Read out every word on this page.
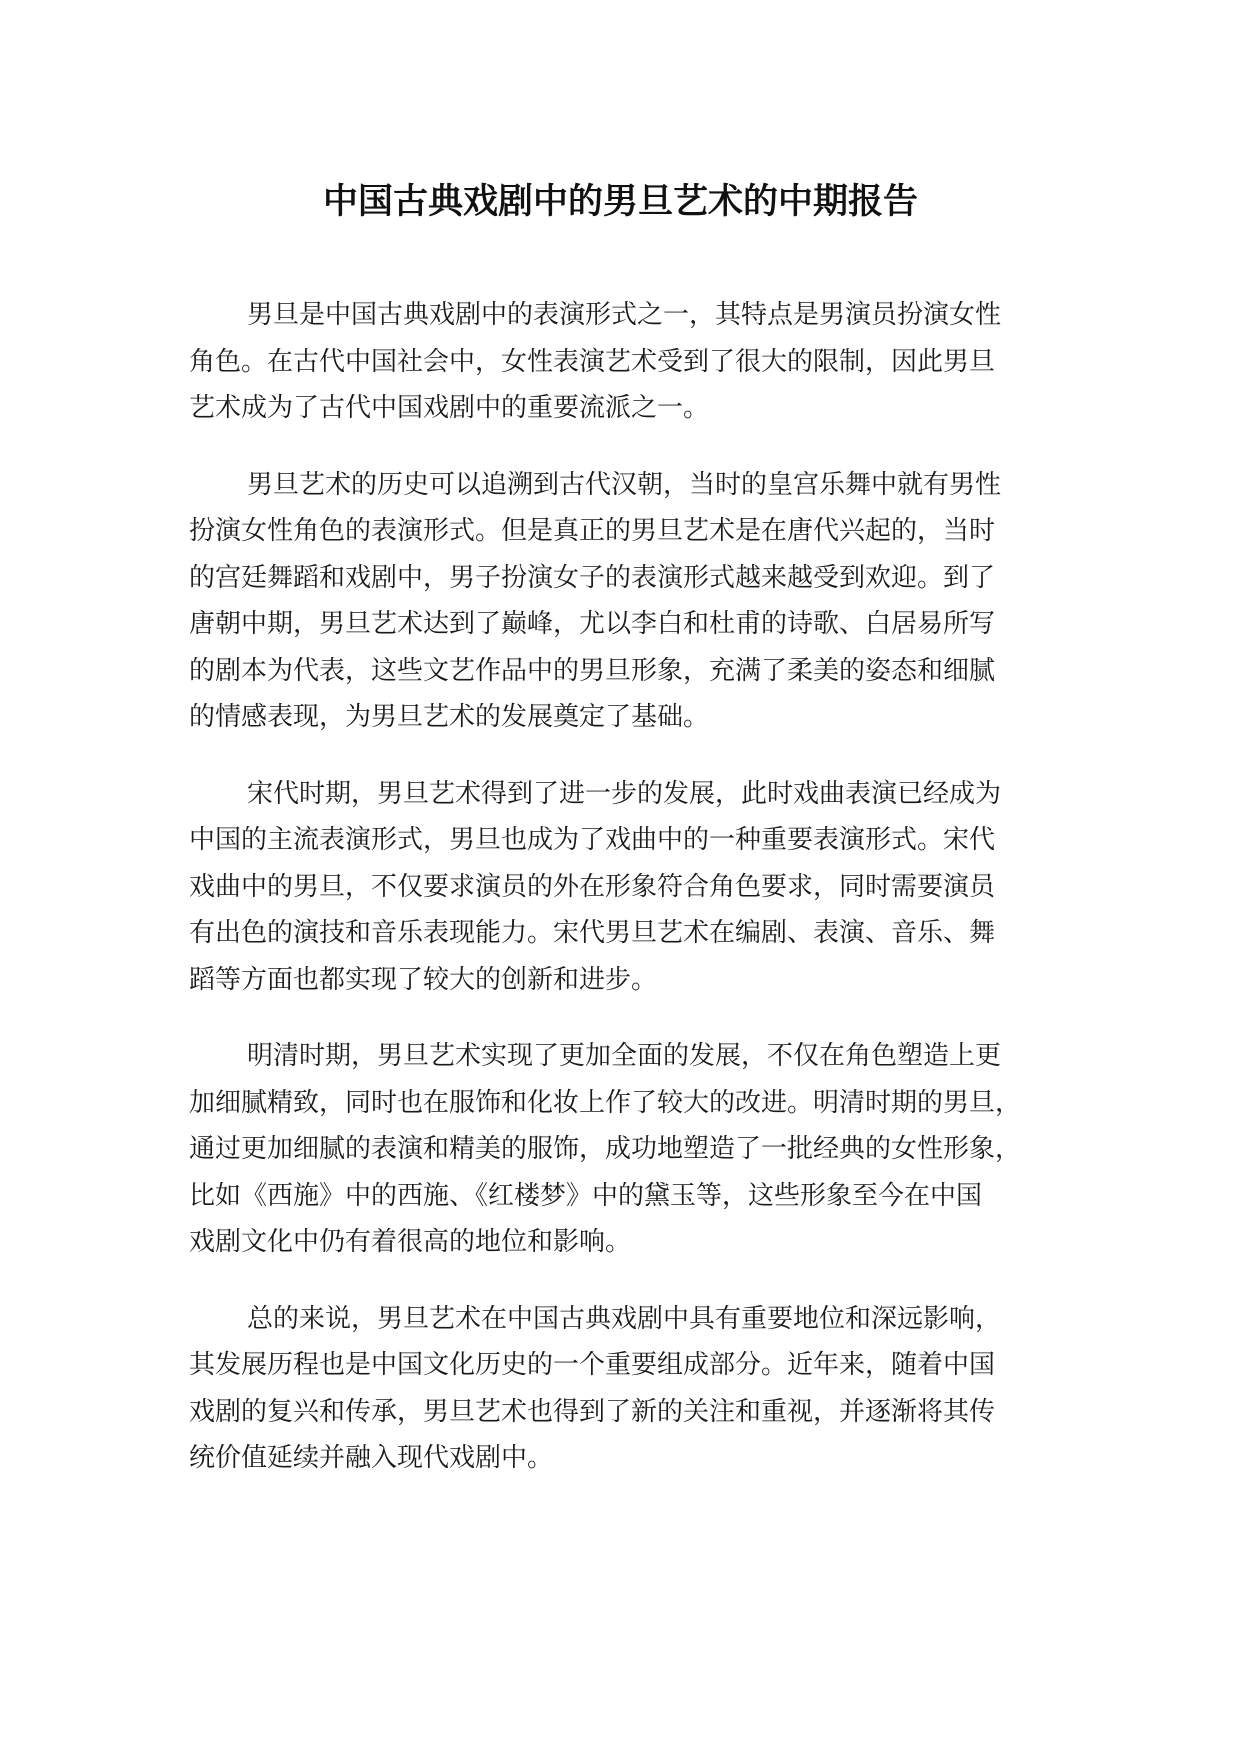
中国古典戏剧中的男旦艺术的中期报告
男旦是中国古典戏剧中的表演形式之一，其特点是男演员扮演女性
角色。在古代中国社会中，女性表演艺术受到了很大的限制，因此男旦
艺术成为了古代中国戏剧中的重要流派之一。
男旦艺术的历史可以追溯到古代汉朝，当时的皇宫乐舞中就有男性
扮演女性角色的表演形式。但是真正的男旦艺术是在唐代兴起的，当时
的宫廷舞蹈和戏剧中，男子扮演女子的表演形式越来越受到欢迎。到了
唐朝中期，男旦艺术达到了巅峰，尤以李白和杜甫的诗歌、白居易所写
的剧本为代表，这些文艺作品中的男旦形象，充满了柔美的姿态和细腻
的情感表现，为男旦艺术的发展奠定了基础。
宋代时期，男旦艺术得到了进一步的发展，此时戏曲表演已经成为
中国的主流表演形式，男旦也成为了戏曲中的一种重要表演形式。宋代
戏曲中的男旦，不仅要求演员的外在形象符合角色要求，同时需要演员
有出色的演技和音乐表现能力。宋代男旦艺术在编剧、表演、音乐、舞
蹈等方面也都实现了较大的创新和进步。
明清时期，男旦艺术实现了更加全面的发展，不仅在角色塑造上更
加细腻精致，同时也在服饰和化妆上作了较大的改进。明清时期的男旦，
通过更加细腻的表演和精美的服饰，成功地塑造了一批经典的女性形象，
比如《西施》中的西施、《红楼梦》中的黛玉等，这些形象至今在中国
戏剧文化中仍有着很高的地位和影响。
总的来说，男旦艺术在中国古典戏剧中具有重要地位和深远影响，
其发展历程也是中国文化历史的一个重要组成部分。近年来，随着中国
戏剧的复兴和传承，男旦艺术也得到了新的关注和重视，并逐渐将其传
统价值延续并融入现代戏剧中。
